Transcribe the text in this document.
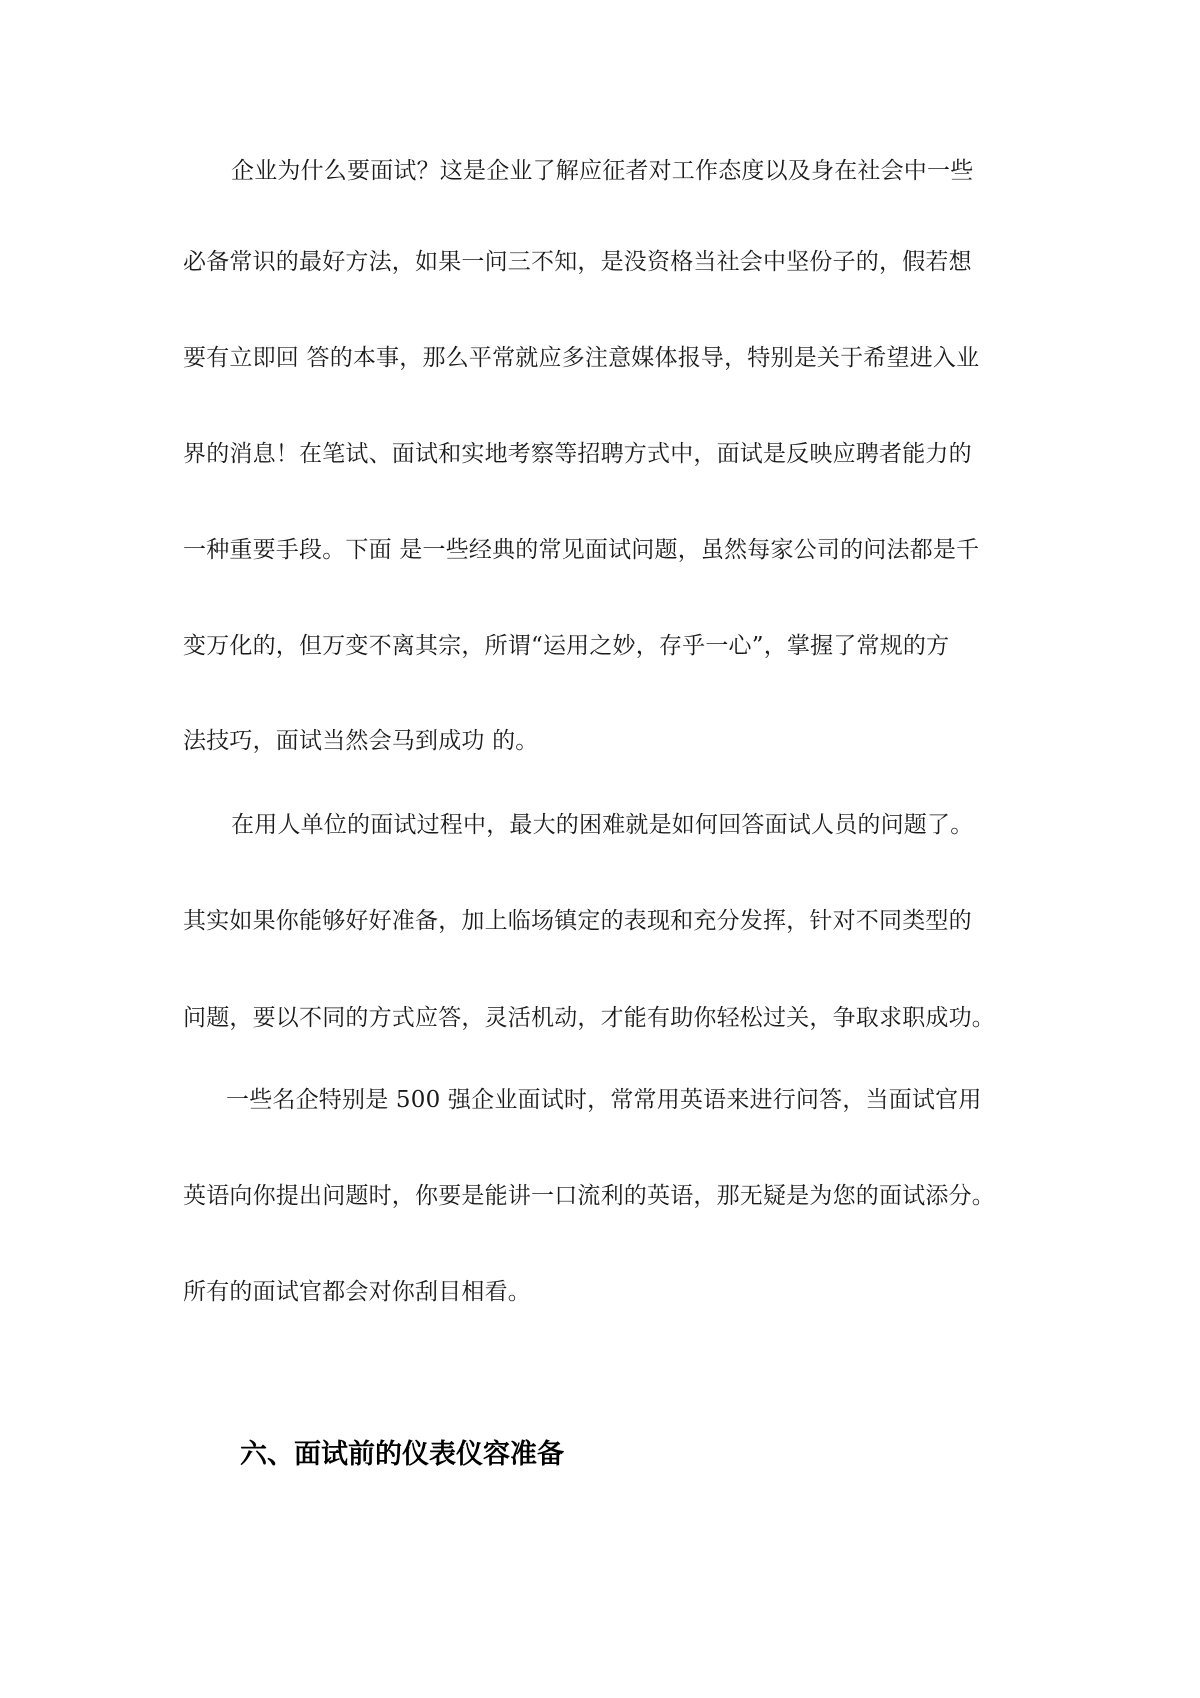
企业为什么要面试？这是企业了解应征者对工作态度以及身在社会中一些
必备常识的最好方法，如果一问三不知，是没资格当社会中坚份子的，假若想
要有立即回 答的本事，那么平常就应多注意媒体报导，特别是关于希望进入业
界的消息！在笔试、面试和实地考察等招聘方式中，面试是反映应聘者能力的
一种重要手段。下面 是一些经典的常见面试问题，虽然每家公司的问法都是千
变万化的，但万变不离其宗，所谓“运用之妙，存乎一心”，掌握了常规的方
法技巧，面试当然会马到成功 的。
在用人单位的面试过程中，最大的困难就是如何回答面试人员的问题了。
其实如果你能够好好准备，加上临场镇定的表现和充分发挥，针对不同类型的
问题，要以不同的方式应答，灵活机动，才能有助你轻松过关，争取求职成功。
一些名企特别是 500 强企业面试时，常常用英语来进行问答，当面试官用
英语向你提出问题时，你要是能讲一口流利的英语，那无疑是为您的面试添分。
所有的面试官都会对你刮目相看。
六、面试前的仪表仪容准备
